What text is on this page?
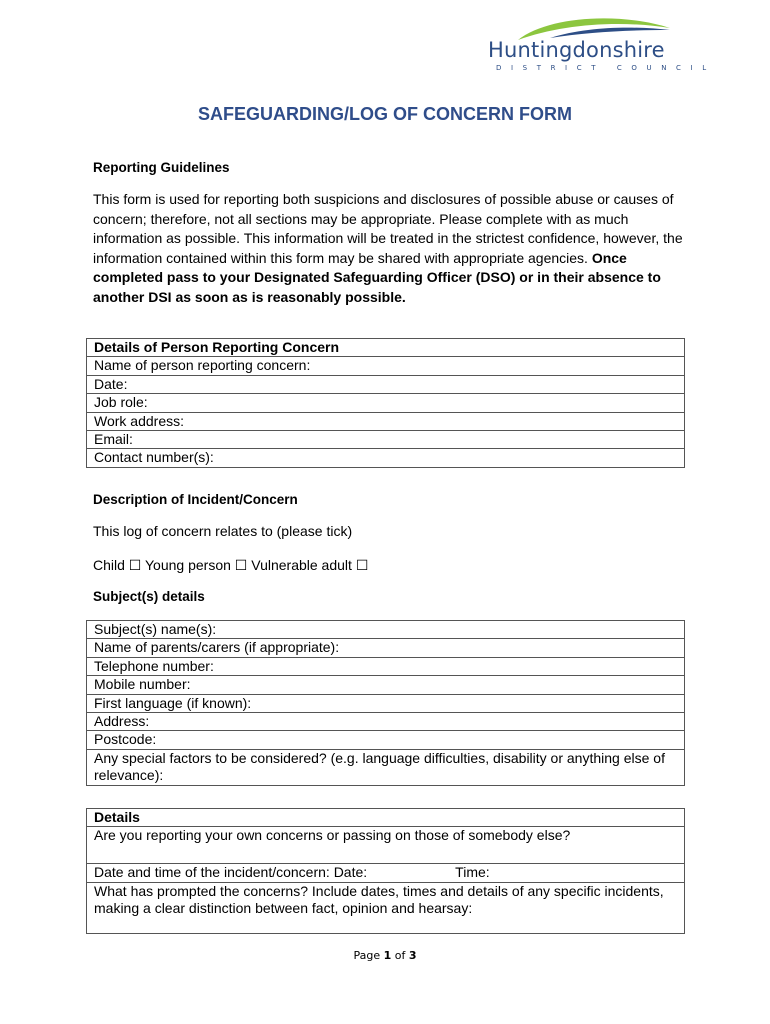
Huntingdonshire
DISTRICT COUNCIL
SAFEGUARDING/LOG OF CONCERN FORM
Reporting Guidelines
This form is used for reporting both suspicions and disclosures of possible abuse or causes of concern; therefore, not all sections may be appropriate. Please complete with as much information as possible. This information will be treated in the strictest confidence, however, the information contained within this form may be shared with appropriate agencies. Once completed pass to your Designated Safeguarding Officer (DSO) or in their absence to another DSI as soon as is reasonably possible.
Details of Person Reporting Concern
Name of person reporting concern:
Date:
Job role:
Work address:
Email:
Contact number(s):
Description of Incident/Concern
This log of concern relates to (please tick)
Child ☐ Young person ☐ Vulnerable adult ☐
Subject(s) details
Subject(s) name(s):
Name of parents/carers (if appropriate):
Telephone number:
Mobile number:
First language (if known):
Address:
Postcode:
Any special factors to be considered? (e.g. language difficulties, disability or anything else of relevance):
Details
Are you reporting your own concerns or passing on those of somebody else?
Date and time of the incident/concern: Date:	Time:
What has prompted the concerns? Include dates, times and details of any specific incidents, making a clear distinction between fact, opinion and hearsay:
Page 1 of 3
